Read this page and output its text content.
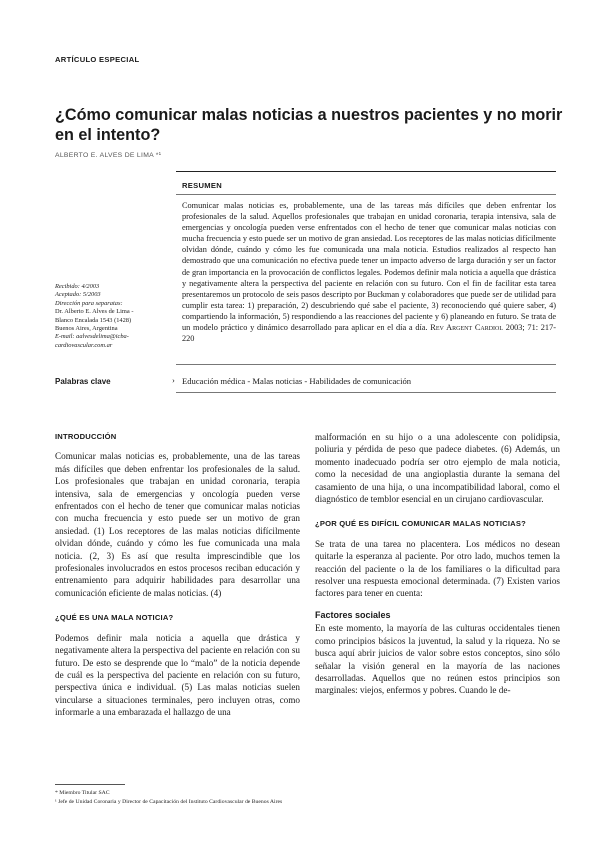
ARTÍCULO ESPECIAL
¿Cómo comunicar malas noticias a nuestros pacientes y no morir en el intento?
ALBERTO E. ALVES DE LIMA *¹
RESUMEN
Recibido: 4/2003
Aceptado: 5/2003
Dirección para separatas:
Dr. Alberto E. Alves de Lima -
Blanco Encalada 1543 (1428)
Buenos Aires, Argentina
E-mail: aalvesdelima@icba-
cardiovascular.com.ar

Comunicar malas noticias es, probablemente, una de las tareas más difíciles que deben enfrentar los profesionales de la salud. Aquellos profesionales que trabajan en unidad coronaria, terapia intensiva, sala de emergencias y oncología pueden verse enfrentados con el hecho de tener que comunicar malas noticias con mucha frecuencia y esto puede ser un motivo de gran ansiedad. Los receptores de las malas noticias difícilmente olvidan dónde, cuándo y cómo les fue comunicada una mala noticia. Estudios realizados al respecto han demostrado que una comunicación no efectiva puede tener un impacto adverso de larga duración y ser un factor de gran importancia en la provocación de conflictos legales. Podemos definir mala noticia a aquella que drástica y negativamente altera la perspectiva del paciente en relación con su futuro. Con el fin de facilitar esta tarea presentaremos un protocolo de seis pasos descripto por Buckman y colaboradores que puede ser de utilidad para cumplir esta tarea: 1) preparación, 2) descubriendo qué sabe el paciente, 3) reconociendo qué quiere saber, 4) compartiendo la información, 5) respondiendo a las reacciones del paciente y 6) planeando en futuro. Se trata de un modelo práctico y dinámico desarrollado para aplicar en el día a día. Rev Argent Cardiol 2003; 71: 217-220

Palabras clave	› Educación médica - Malas noticias - Habilidades de comunicación
INTRODUCCIÓN

Comunicar malas noticias es, probablemente, una de las tareas más difíciles que deben enfrentar los profesionales de la salud. Los profesionales que trabajan en unidad coronaria, terapia intensiva, sala de emergencias y oncología pueden verse enfrentados con el hecho de tener que comunicar malas noticias con mucha frecuencia y esto puede ser un motivo de gran ansiedad. (1) Los receptores de las malas noticias difícilmente olvidan dónde, cuándo y cómo les fue comunicada una mala noticia. (2, 3) Es así que resulta imprescindible que los profesionales involucrados en estos procesos reciban educación y entrenamiento para adquirir habilidades para desarrollar una comunicación eficiente de malas noticias. (4)

¿QUÉ ES UNA MALA NOTICIA?

Podemos definir mala noticia a aquella que drástica y negativamente altera la perspectiva del paciente en relación con su futuro. De esto se desprende que lo “malo” de la noticia depende de cuál es la perspectiva del paciente en relación con su futuro, perspectiva única e individual. (5) Las malas noticias suelen vincularse a situaciones terminales, pero incluyen otras, como informarle a una embarazada el hallazgo de una

malformación en su hijo o a una adolescente con polidipsia, poliuria y pérdida de peso que padece diabetes. (6) Además, un momento inadecuado podría ser otro ejemplo de mala noticia, como la necesidad de una angioplastia durante la semana del casamiento de una hija, o una incompatibilidad laboral, como el diagnóstico de temblor esencial en un cirujano cardiovascular.

¿POR QUÉ ES DIFÍCIL COMUNICAR MALAS NOTICIAS?

Se trata de una tarea no placentera. Los médicos no desean quitarle la esperanza al paciente. Por otro lado, muchos temen la reacción del paciente o la de los familiares o la dificultad para resolver una respuesta emocional determinada. (7) Existen varios factores para tener en cuenta:

Factores sociales

En este momento, la mayoría de las culturas occidentales tienen como principios básicos la juventud, la salud y la riqueza. No se busca aquí abrir juicios de valor sobre estos conceptos, sino sólo señalar la visión general en la mayoría de las naciones desarrolladas. Aquellos que no reúnen estos principios son marginales: viejos, enfermos y pobres. Cuando le de-

* Miembro Titular SAC
¹ Jefe de Unidad Coronaria y Director de Capacitación del Instituto Cardiovascular de Buenos Aires
